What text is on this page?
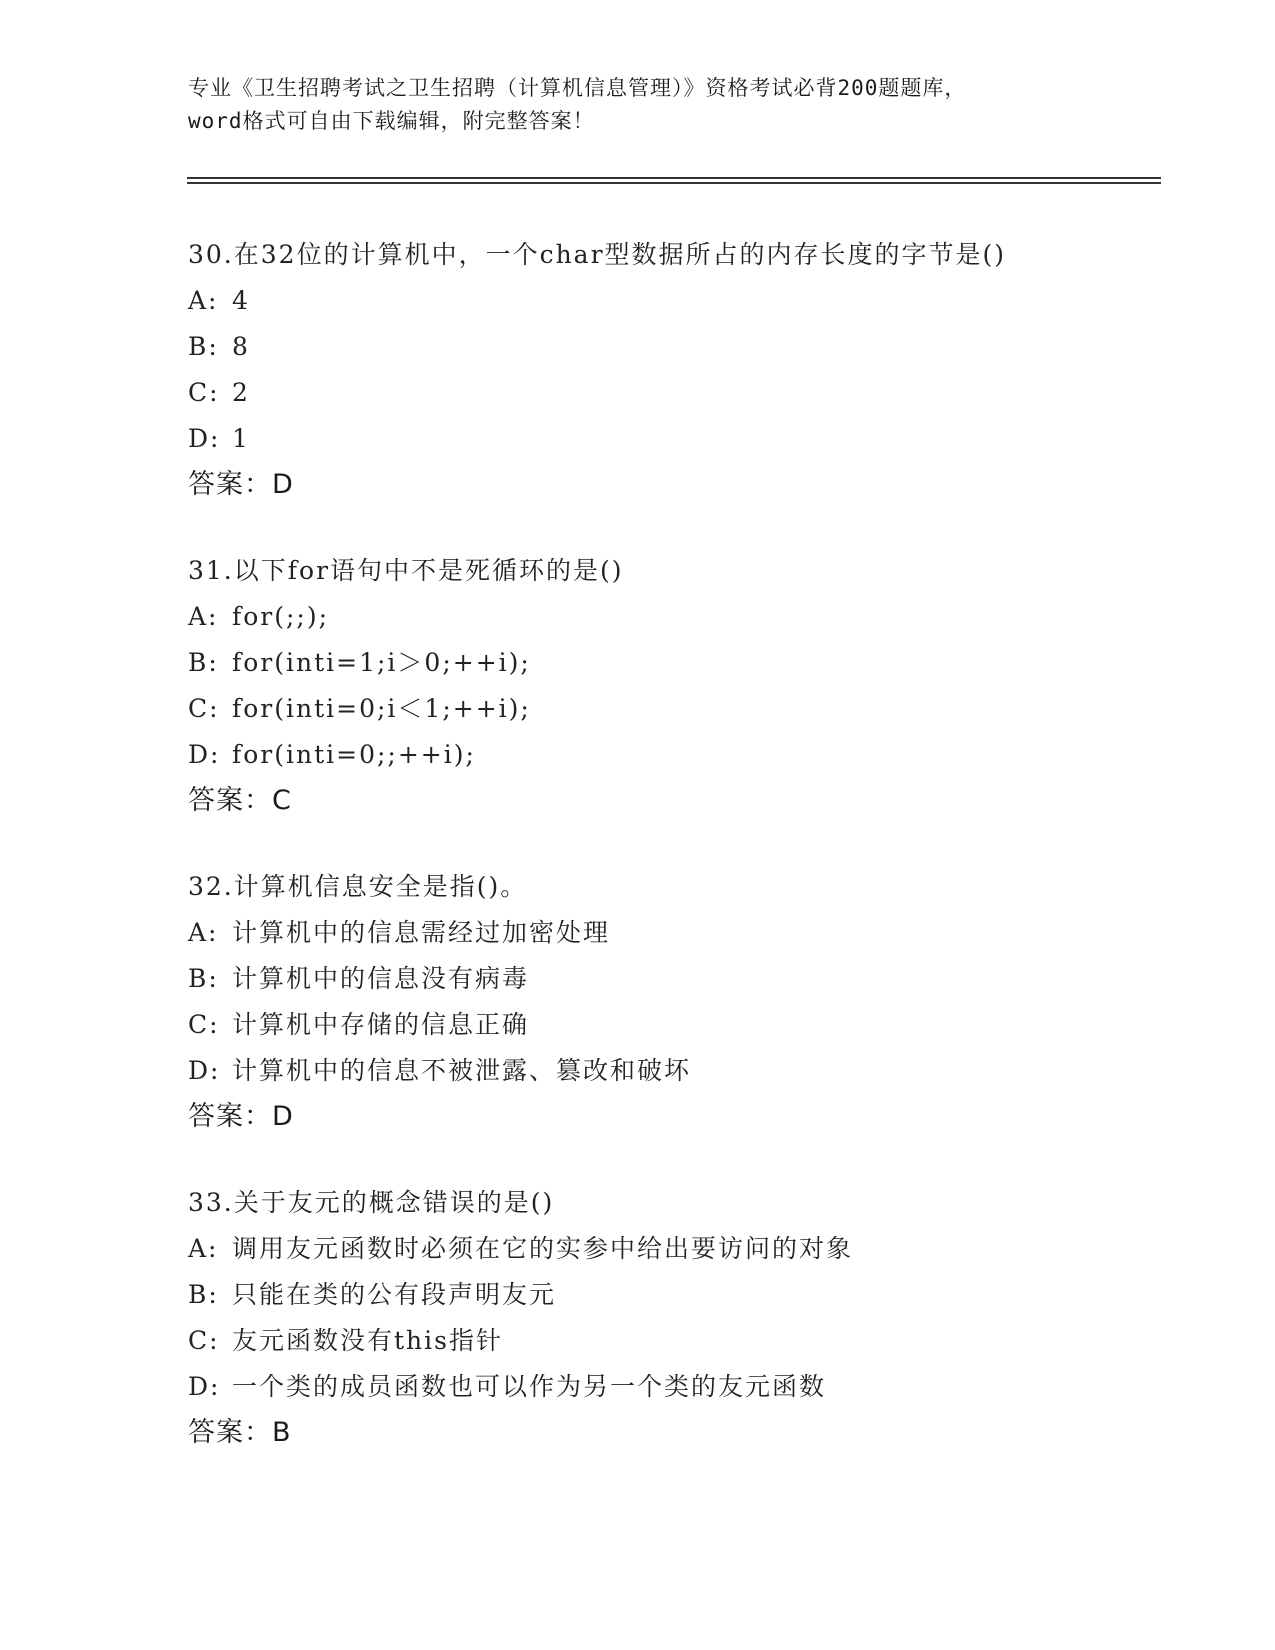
专业《卫生招聘考试之卫生招聘（计算机信息管理）》资格考试必背200题题库，
word格式可自由下载编辑，附完整答案！
30.在32位的计算机中，一个char型数据所占的内存长度的字节是()
A: 4
B: 8
C: 2
D: 1
答案：D
31.以下for语句中不是死循环的是()
A: for(;;);
B: for(inti=1;i＞0;++i);
C: for(inti=0;i＜1;++i);
D: for(inti=0;;++i);
答案：C
32.计算机信息安全是指()。
A: 计算机中的信息需经过加密处理
B: 计算机中的信息没有病毒
C: 计算机中存储的信息正确
D: 计算机中的信息不被泄露、篡改和破坏
答案：D
33.关于友元的概念错误的是()
A: 调用友元函数时必须在它的实参中给出要访问的对象
B: 只能在类的公有段声明友元
C: 友元函数没有this指针
D: 一个类的成员函数也可以作为另一个类的友元函数
答案：B
